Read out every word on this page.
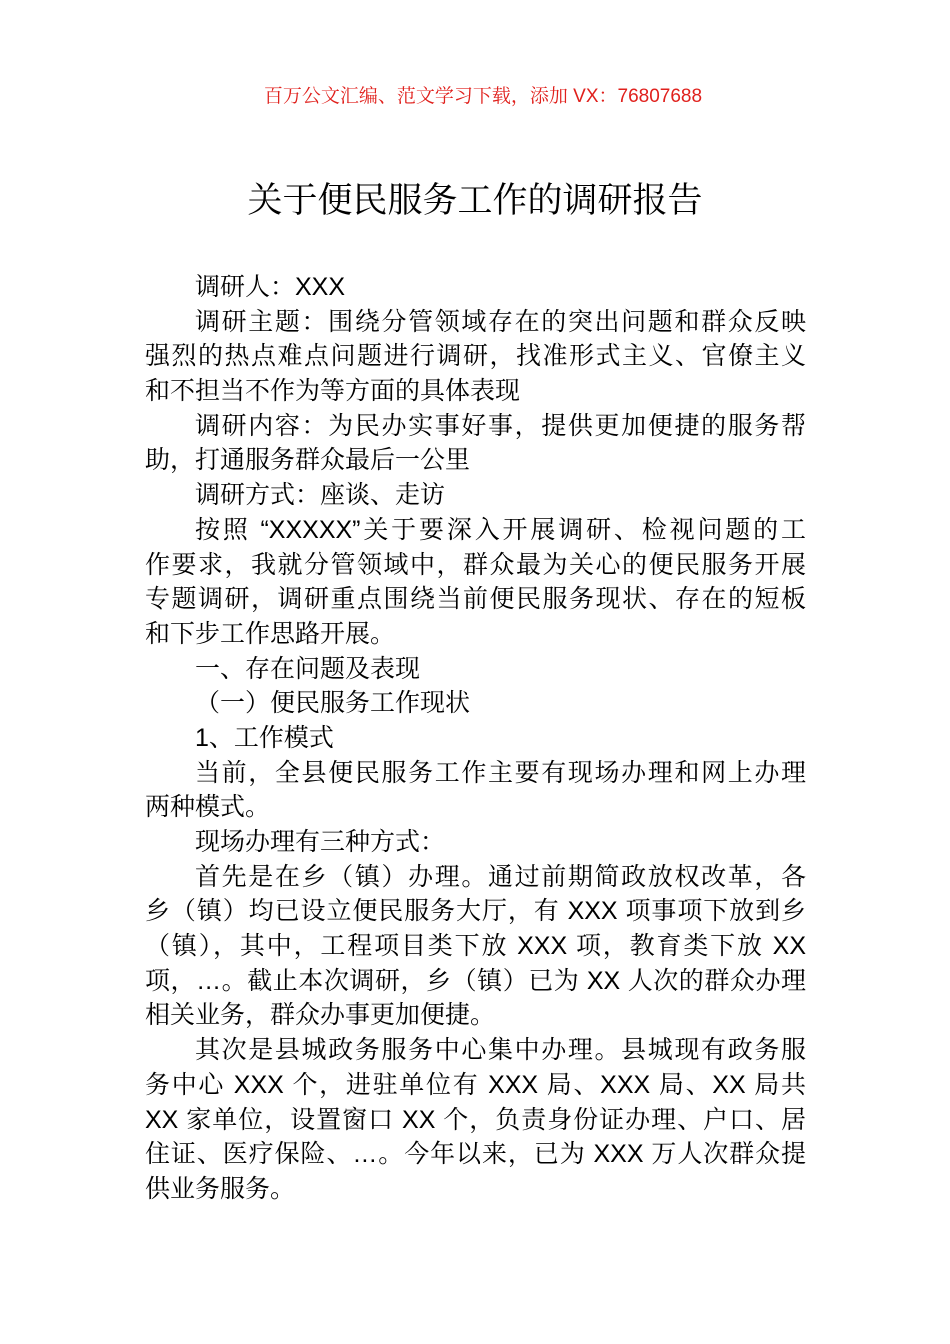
百万公文汇编、范文学习下载，添加 VX：76807688
关于便民服务工作的调研报告
调研人：XXX
调研主题：围绕分管领域存在的突出问题和群众反映
强烈的热点难点问题进行调研，找准形式主义、官僚主义
和不担当不作为等方面的具体表现
调研内容：为民办实事好事，提供更加便捷的服务帮
助，打通服务群众最后一公里
调研方式：座谈、走访
按照 “XXXXX”关于要深入开展调研、检视问题的工
作要求，我就分管领域中，群众最为关心的便民服务开展
专题调研，调研重点围绕当前便民服务现状、存在的短板
和下步工作思路开展。
一、存在问题及表现
（一）便民服务工作现状
1、工作模式
当前，全县便民服务工作主要有现场办理和网上办理
两种模式。
现场办理有三种方式：
首先是在乡（镇）办理。通过前期简政放权改革，各
乡（镇）均已设立便民服务大厅，有 XXX 项事项下放到乡
（镇），其中，工程项目类下放 XXX 项，教育类下放 XX
项，…。截止本次调研，乡（镇）已为 XX 人次的群众办理
相关业务，群众办事更加便捷。
其次是县城政务服务中心集中办理。县城现有政务服
务中心 XXX 个，进驻单位有 XXX 局、XXX 局、XX 局共
XX 家单位，设置窗口 XX 个，负责身份证办理、户口、居
住证、医疗保险、…。今年以来，已为 XXX 万人次群众提
供业务服务。
